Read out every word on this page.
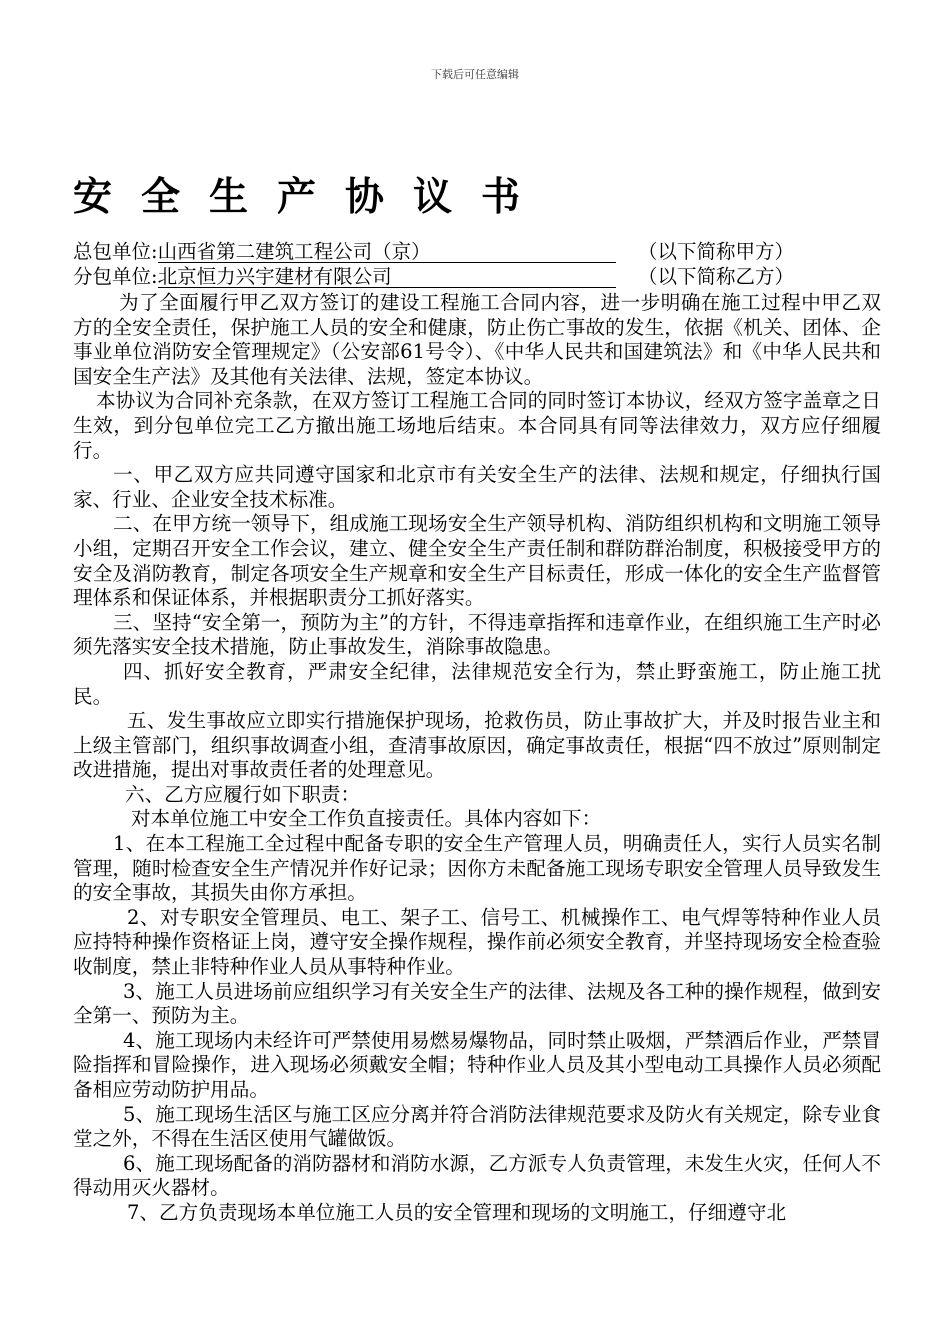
下载后可任意编辑
安全生产协议书
总包单位:山西省第二建筑工程公司（京）	（以下简称甲方）
分包单位:北京恒力兴宇建材有限公司	（以下简称乙方）

为了全面履行甲乙双方签订的建设工程施工合同内容，进一步明确在施工过程中甲乙双方的全安全责任，保护施工人员的安全和健康，防止伤亡事故的发生，依据《机关、团体、企事业单位消防安全管理规定》（公安部61号令）、《中华人民共和国建筑法》和《中华人民共和国安全生产法》及其他有关法律、法规，签定本协议。

本协议为合同补充条款，在双方签订工程施工合同的同时签订本协议，经双方签字盖章之日生效，到分包单位完工乙方撤出施工场地后结束。本合同具有同等法律效力，双方应仔细履行。

一、甲乙双方应共同遵守国家和北京市有关安全生产的法律、法规和规定，仔细执行国家、行业、企业安全技术标准。

二、在甲方统一领导下，组成施工现场安全生产领导机构、消防组织机构和文明施工领导小组，定期召开安全工作会议，建立、健全安全生产责任制和群防群治制度，积极接受甲方的安全及消防教育，制定各项安全生产规章和安全生产目标责任，形成一体化的安全生产监督管理体系和保证体系，并根据职责分工抓好落实。

三、坚持“安全第一，预防为主”的方针，不得违章指挥和违章作业，在组织施工生产时必须先落实安全技术措施，防止事故发生，消除事故隐患。

四、抓好安全教育，严肃安全纪律，法律规范安全行为，禁止野蛮施工，防止施工扰民。

五、发生事故应立即实行措施保护现场，抢救伤员，防止事故扩大，并及时报告业主和上级主管部门，组织事故调查小组，查清事故原因，确定事故责任，根据“四不放过”原则制定改进措施，提出对事故责任者的处理意见。

六、乙方应履行如下职责：

对本单位施工中安全工作负直接责任。具体内容如下：

1、在本工程施工全过程中配备专职的安全生产管理人员，明确责任人，实行人员实名制管理，随时检查安全生产情况并作好记录；因你方未配备施工现场专职安全管理人员导致发生的安全事故，其损失由你方承担。

2、对专职安全管理员、电工、架子工、信号工、机械操作工、电气焊等特种作业人员应持特种操作资格证上岗，遵守安全操作规程，操作前必须安全教育，并坚持现场安全检查验收制度，禁止非特种作业人员从事特种作业。

3、施工人员进场前应组织学习有关安全生产的法律、法规及各工种的操作规程，做到安全第一、预防为主。

4、施工现场内未经许可严禁使用易燃易爆物品，同时禁止吸烟，严禁酒后作业，严禁冒险指挥和冒险操作，进入现场必须戴安全帽；特种作业人员及其小型电动工具操作人员必须配备相应劳动防护用品。

5、施工现场生活区与施工区应分离并符合消防法律规范要求及防火有关规定，除专业食堂之外，不得在生活区使用气罐做饭。

6、施工现场配备的消防器材和消防水源，乙方派专人负责管理，未发生火灾，任何人不得动用灭火器材。

7、乙方负责现场本单位施工人员的安全管理和现场的文明施工，仔细遵守北
